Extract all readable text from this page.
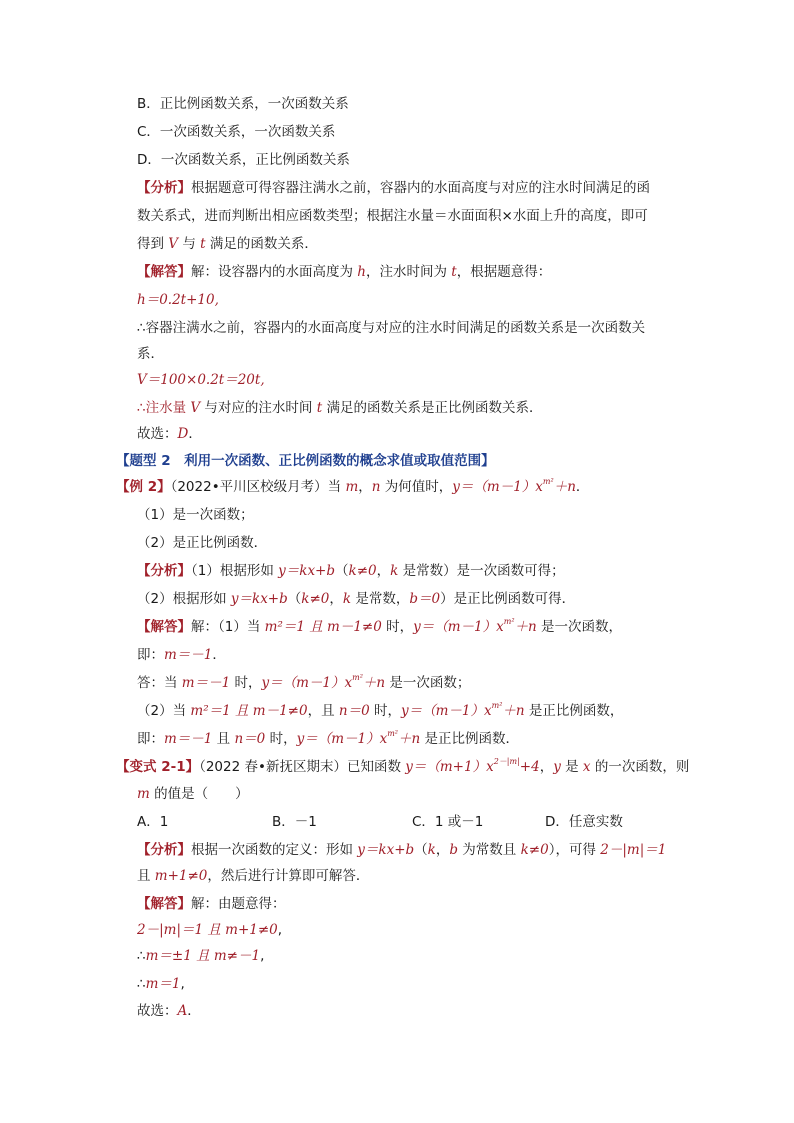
B．正比例函数关系，一次函数关系
C．一次函数关系，一次函数关系
D．一次函数关系，正比例函数关系
【分析】根据题意可得容器注满水之前，容器内的水面高度与对应的注水时间满足的函
数关系式，进而判断出相应函数类型；根据注水量＝水面面积×水面上升的高度，即可
得到 V 与 t 满足的函数关系．
【解答】解：设容器内的水面高度为 h，注水时间为 t，根据题意得：
h＝0.2t+10,
∴容器注满水之前，容器内的水面高度与对应的注水时间满足的函数关系是一次函数关
系．
V＝100×0.2t＝20t,
∴注水量 V 与对应的注水时间 t 满足的函数关系是正比例函数关系．
故选：D．
【题型 2　利用一次函数、正比例函数的概念求值或取值范围】
【例 2】（2022•平川区校级月考）当 m，n 为何值时，$y=(m-1)x^{m^2}+n$．
（1）是一次函数；
（2）是正比例函数．
【分析】（1）根据形如 y＝kx+b（k≠0，k 是常数）是一次函数可得；
（2）根据形如 y＝kx+b（k≠0，k 是常数，b＝0）是正比例函数可得．
【解答】解：（1）当 m²＝1 且 m－1≠0 时，$y=(m-1)x^{m^2}+n$ 是一次函数，
即：m＝－1．
答：当 m＝－1 时，$y=(m-1)x^{m^2}+n$ 是一次函数；
（2）当 m²＝1 且 m－1≠0，且 n＝0 时，$y=(m-1)x^{m^2}+n$ 是正比例函数，
即：m＝－1 且 n＝0 时，$y=(m-1)x^{m^2}+n$ 是正比例函数．
【变式 2-1】（2022 春•新抚区期末）已知函数 $y=(m+1)x^{2-|m|}+4$，y 是 x 的一次函数，则
m 的值是（　　）
A．1	B．－1	C．1 或－1	D．任意实数
【分析】根据一次函数的定义：形如 y＝kx+b（k，b 为常数且 k≠0），可得 2－|m|＝1
且 m+1≠0，然后进行计算即可解答．
【解答】解：由题意得：
2－|m|＝1 且 m+1≠0,
∴m＝±1 且 m≠－1,
∴m＝1,
故选：A．
